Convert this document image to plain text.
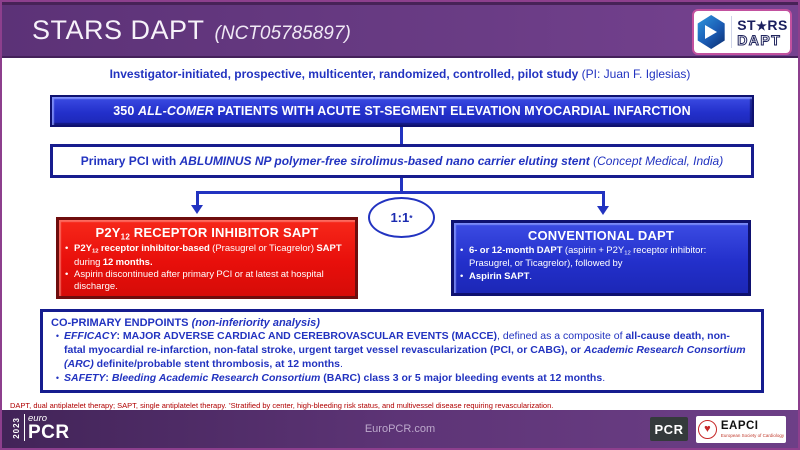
STARS DAPT (NCT05785897)	ST★RS
DAPT
Investigator-initiated, prospective, multicenter, randomized, controlled, pilot study (PI: Juan F. Iglesias)
350 ALL-COMER PATIENTS WITH ACUTE ST-SEGMENT ELEVATION MYOCARDIAL INFARCTION
Primary PCI with ABLUMINUS NP polymer-free sirolimus-based nano carrier eluting stent (Concept Medical, India)
1:1 *
$P2Y_{12}$ RECEPTOR INHIBITOR SAPT
• $P2Y_{12}$ receptor inhibitor-based (Prasugrel or Ticagrelor) SAPT during 12 months.
• Aspirin discontinued after primary PCI or at latest at hospital discharge.
CONVENTIONAL DAPT
• 6- or 12-month DAPT (aspirin + $P2Y_{12}$ receptor inhibitor: Prasugrel, or Ticagrelor), followed by
• Aspirin SAPT.
CO-PRIMARY ENDPOINTS (non-inferiority analysis)
• EFFICACY: MAJOR ADVERSE CARDIAC AND CEREBROVASCULAR EVENTS (MACCE), defined as a composite of all-cause death, non-fatal myocardial re-infarction, non-fatal stroke, urgent target vessel revascularization (PCI, or CABG), or Academic Research Consortium (ARC) definite/probable stent thrombosis, at 12 months.
• SAFETY: Bleeding Academic Research Consortium (BARC) class 3 or 5 major bleeding events at 12 months.
DAPT, dual antiplatelet therapy; SAPT, single antiplatelet therapy. *Stratified by center, high-bleeding risk status, and multivessel disease requiring revascularization.
2023 euro
PCR	EuroPCR.com	PCR	♥ EAPCI
European Society of Cardiology
